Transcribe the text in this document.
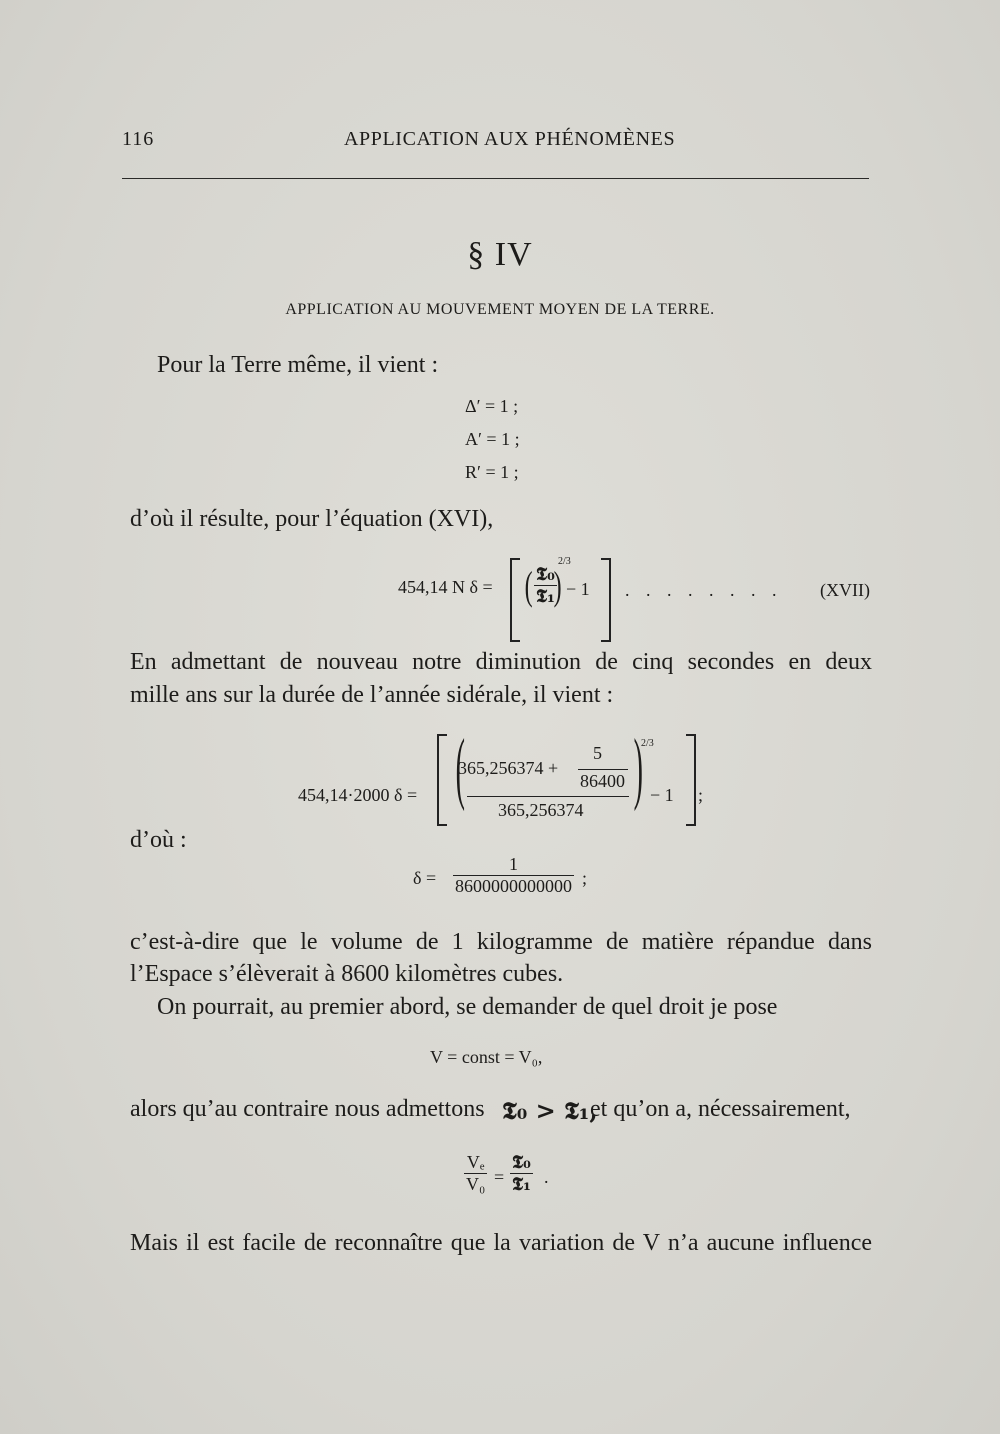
116	APPLICATION AUX PHÉNOMÈNES
§ IV
APPLICATION AU MOUVEMENT MOYEN DE LA TERRE.
Pour la Terre même, il vient :
Δ′ = 1 ;
A′ = 1 ;
R′ = 1 ;
d’où il résulte, pour l’équation (XVI),
454,14 N δ = ( $\frac{\text{𝕿₀}}{\text{𝕿₁}}$
)
2/3
− 1 . . . . . . . . (XVII)
En admettant de nouveau notre diminution de cinq secondes en deux
mille ans sur la durée de l’année sidérale, il vient :
454,14·2000 δ = (	5
365,256374 +
86400
365,256374 )
2/3
− 1 ;
d’où :
$\delta = \frac{1}{8600000000000}$ ;
c’est-à-dire que le volume de 1 kilogramme de matière répandue dans
l’Espace s’élèverait à 8600 kilomètres cubes.
On pourrait, au premier abord, se demander de quel droit je pose
V = const = V₀,
alors qu’au contraire nous admettons 𝕿₀ > 𝕿₁,
et qu’on a, nécessairement,
$\frac{\text{Vₑ}}{\text{V₀}} = \frac{\text{𝕿₀}}{\text{𝕿₁}}$ .
Mais il est facile de reconnaître que la variation de V n’a aucune influence
